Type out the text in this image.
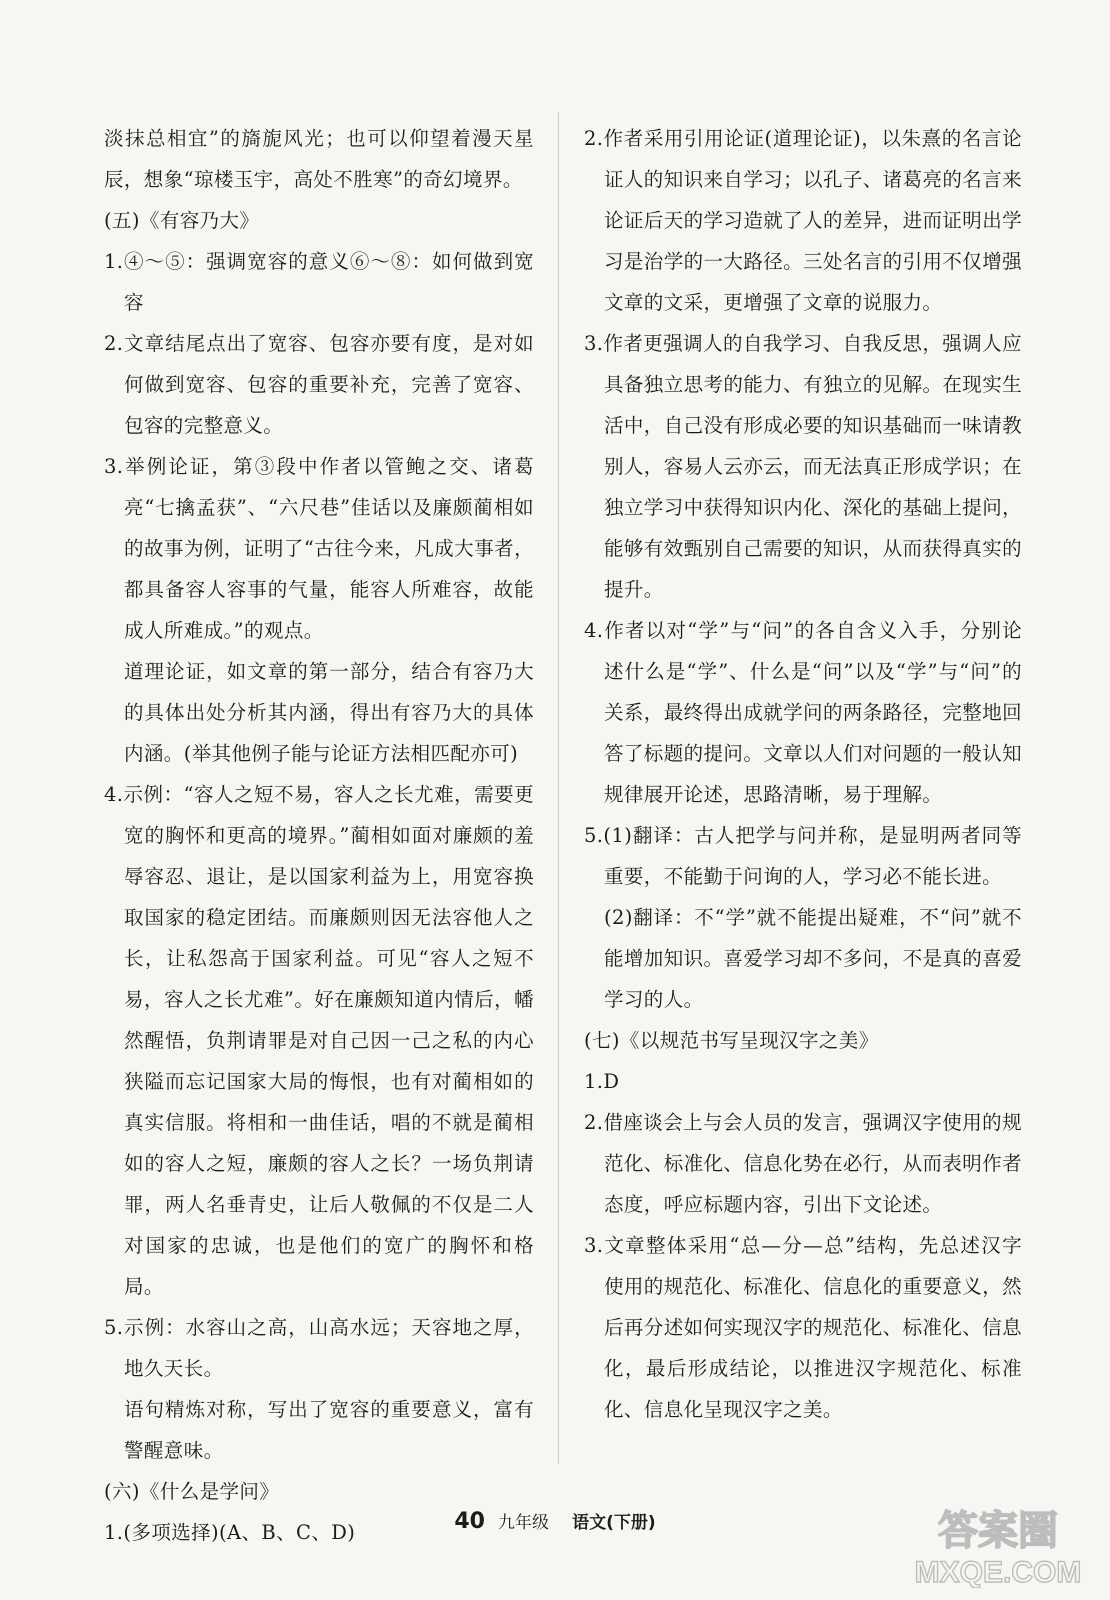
淡抹总相宜”的旖旎风光；也可以仰望着漫天星辰，想象“琼楼玉宇，高处不胜寒”的奇幻境界。
(五)《有容乃大》
1.④～⑤：强调宽容的意义⑥～⑧：如何做到宽容
2.文章结尾点出了宽容、包容亦要有度，是对如何做到宽容、包容的重要补充，完善了宽容、包容的完整意义。
3.举例论证，第③段中作者以管鲍之交、诸葛亮“七擒孟获”、“六尺巷”佳话以及廉颇蔺相如的故事为例，证明了“古往今来，凡成大事者，都具备容人容事的气量，能容人所难容，故能成人所难成。”的观点。
道理论证，如文章的第一部分，结合有容乃大的具体出处分析其内涵，得出有容乃大的具体内涵。(举其他例子能与论证方法相匹配亦可)
4.示例：“容人之短不易，容人之长尤难，需要更宽的胸怀和更高的境界。”蔺相如面对廉颇的羞辱容忍、退让，是以国家利益为上，用宽容换取国家的稳定团结。而廉颇则因无法容他人之长，让私怨高于国家利益。可见“容人之短不易，容人之长尤难”。好在廉颇知道内情后，幡然醒悟，负荆请罪是对自己因一己之私的内心狭隘而忘记国家大局的悔恨，也有对蔺相如的真实信服。将相和一曲佳话，唱的不就是蔺相如的容人之短，廉颇的容人之长？一场负荆请罪，两人名垂青史，让后人敬佩的不仅是二人对国家的忠诚，也是他们的宽广的胸怀和格局。
5.示例：水容山之高，山高水远；天容地之厚，地久天长。
语句精炼对称，写出了宽容的重要意义，富有警醒意味。
(六)《什么是学问》
1.(多项选择)(A、B、C、D)
2.作者采用引用论证(道理论证)，以朱熹的名言论证人的知识来自学习；以孔子、诸葛亮的名言来论证后天的学习造就了人的差异，进而证明出学习是治学的一大路径。三处名言的引用不仅增强文章的文采，更增强了文章的说服力。
3.作者更强调人的自我学习、自我反思，强调人应具备独立思考的能力、有独立的见解。在现实生活中，自己没有形成必要的知识基础而一味请教别人，容易人云亦云，而无法真正形成学识；在独立学习中获得知识内化、深化的基础上提问，能够有效甄别自己需要的知识，从而获得真实的提升。
4.作者以对“学”与“问”的各自含义入手，分别论述什么是“学”、什么是“问”以及“学”与“问”的关系，最终得出成就学问的两条路径，完整地回答了标题的提问。文章以人们对问题的一般认知规律展开论述，思路清晰，易于理解。
5.(1)翻译：古人把学与问并称，是显明两者同等重要，不能勤于问询的人，学习必不能长进。
(2)翻译：不“学”就不能提出疑难，不“问”就不能增加知识。喜爱学习却不多问，不是真的喜爱学习的人。
(七)《以规范书写呈现汉字之美》
1.D
2.借座谈会上与会人员的发言，强调汉字使用的规范化、标准化、信息化势在必行，从而表明作者态度，呼应标题内容，引出下文论述。
3.文章整体采用“总—分—总”结构，先总述汉字使用的规范化、标准化、信息化的重要意义，然后再分述如何实现汉字的规范化、标准化、信息化，最后形成结论，以推进汉字规范化、标准化、信息化呈现汉字之美。
40 九年级 语文(下册)	答案圈
MXQE.COM
